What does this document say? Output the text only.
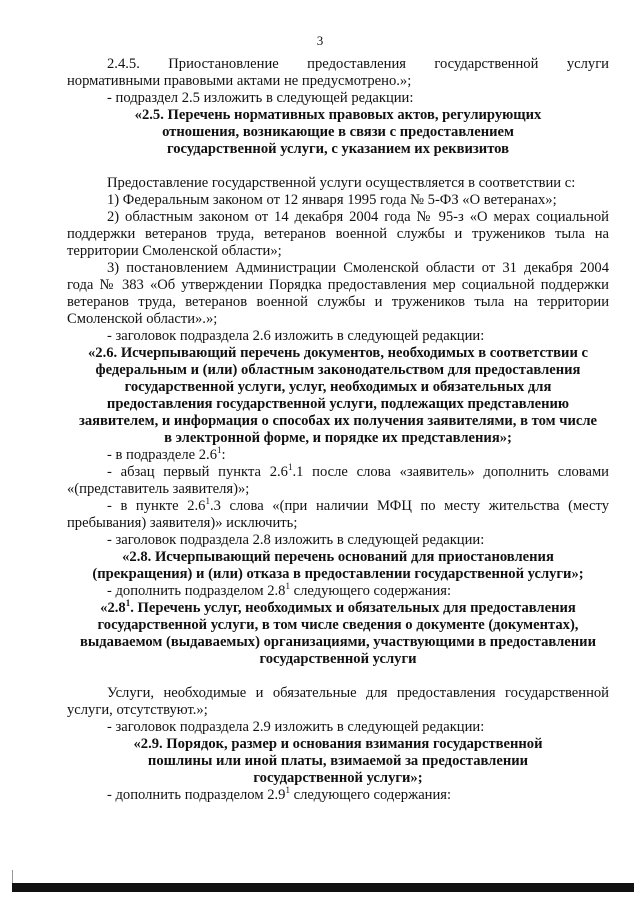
3

2.4.5. Приостановление предоставления государственной услуги

нормативными правовыми актами не предусмотрено.»;

- подраздел 2.5 изложить в следующей редакции:

«2.5. Перечень нормативных правовых актов, регулирующих отношения, возникающие в связи с предоставлением государственной услуги, с указанием их реквизитов

Предоставление государственной услуги осуществляется в соответствии с:

1) Федеральным законом от 12 января 1995 года № 5-ФЗ «О ветеранах»;

2) областным законом от 14 декабря 2004 года № 95-з «О мерах социальной поддержки ветеранов труда, ветеранов военной службы и тружеников тыла на территории Смоленской области»;

3) постановлением Администрации Смоленской области от 31 декабря 2004 года № 383 «Об утверждении Порядка предоставления мер социальной поддержки ветеранов труда, ветеранов военной службы и тружеников тыла на территории Смоленской области».»;

- заголовок подраздела 2.6 изложить в следующей редакции:

«2.6. Исчерпывающий перечень документов, необходимых в соответствии с федеральным и (или) областным законодательством для предоставления государственной услуги, услуг, необходимых и обязательных для предоставления государственной услуги, подлежащих представлению заявителем, и информация о способах их получения заявителями, в том числе в электронной форме, и порядке их представления»;

- в подразделе $2.6^1$:

- абзац первый пункта $2.6^1.1$ после слова «заявитель» дополнить словами «(представитель заявителя)»;

- в пункте $2.6^1.3$ слова «(при наличии МФЦ по месту жительства (месту пребывания) заявителя)» исключить;

- заголовок подраздела 2.8 изложить в следующей редакции:

«2.8. Исчерпывающий перечень оснований для приостановления (прекращения) и (или) отказа в предоставлении государственной услуги»;

- дополнить подразделом $2.8^1$ следующего содержания:

«$2.8^1$. Перечень услуг, необходимых и обязательных для предоставления государственной услуги, в том числе сведения о документе (документах), выдаваемом (выдаваемых) организациями, участвующими в предоставлении государственной услуги

Услуги, необходимые и обязательные для предоставления государственной услуги, отсутствуют.»;

- заголовок подраздела 2.9 изложить в следующей редакции:

«2.9. Порядок, размер и основания взимания государственной пошлины или иной платы, взимаемой за предоставлении государственной услуги»;

- дополнить подразделом $2.9^1$ следующего содержания:
